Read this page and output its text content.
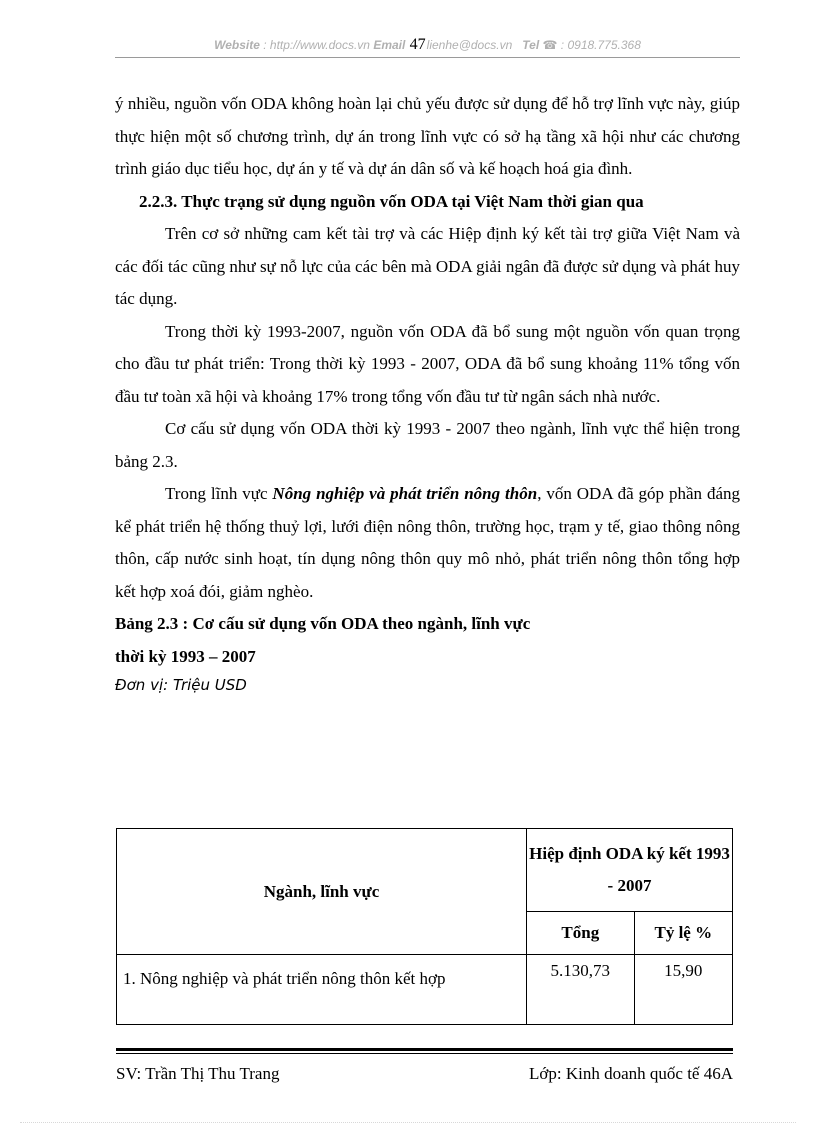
Website : http://www.docs.vn Email 47lienhe@docs.vn Tel ☎ : 0918.775.368

ý nhiều, nguồn vốn ODA không hoàn lại chủ yếu được sử dụng để hỗ trợ lĩnh vực này, giúp thực hiện một số chương trình, dự án trong lĩnh vực có sở hạ tầng xã hội như các chương trình giáo dục tiểu học, dự án y tế và dự án dân số và kế hoạch hoá gia đình.

2.2.3. Thực trạng sử dụng nguồn vốn ODA tại Việt Nam thời gian qua

Trên cơ sở những cam kết tài trợ và các Hiệp định ký kết tài trợ giữa Việt Nam và các đối tác cũng như sự nỗ lực của các bên mà ODA giải ngân đã được sử dụng và phát huy tác dụng.

Trong thời kỳ 1993-2007, nguồn vốn ODA đã bổ sung một nguồn vốn quan trọng cho đầu tư phát triển: Trong thời kỳ 1993 - 2007, ODA đã bổ sung khoảng 11% tổng vốn đầu tư toàn xã hội và khoảng 17% trong tổng vốn đầu tư từ ngân sách nhà nước.

Cơ cấu sử dụng vốn ODA thời kỳ 1993 - 2007 theo ngành, lĩnh vực thể hiện trong bảng 2.3.

Trong lĩnh vực Nông nghiệp và phát triển nông thôn, vốn ODA đã góp phần đáng kể phát triển hệ thống thuỷ lợi, lưới điện nông thôn, trường học, trạm y tế, giao thông nông thôn, cấp nước sinh hoạt, tín dụng nông thôn quy mô nhỏ, phát triển nông thôn tổng hợp kết hợp xoá đói, giảm nghèo.

Bảng 2.3 : Cơ cấu sử dụng vốn ODA theo ngành, lĩnh vực

thời kỳ 1993 – 2007

Đơn vị: Triệu USD

Ngành, lĩnh vực	Hiệp định ODA ký kết 1993 - 2007	
	Tổng	Tỷ lệ %
1. Nông nghiệp và phát triển nông thôn kết hợp	5.130,73	15,90
SV: Trần Thị Thu Trang	Lớp: Kinh doanh quốc tế 46A
